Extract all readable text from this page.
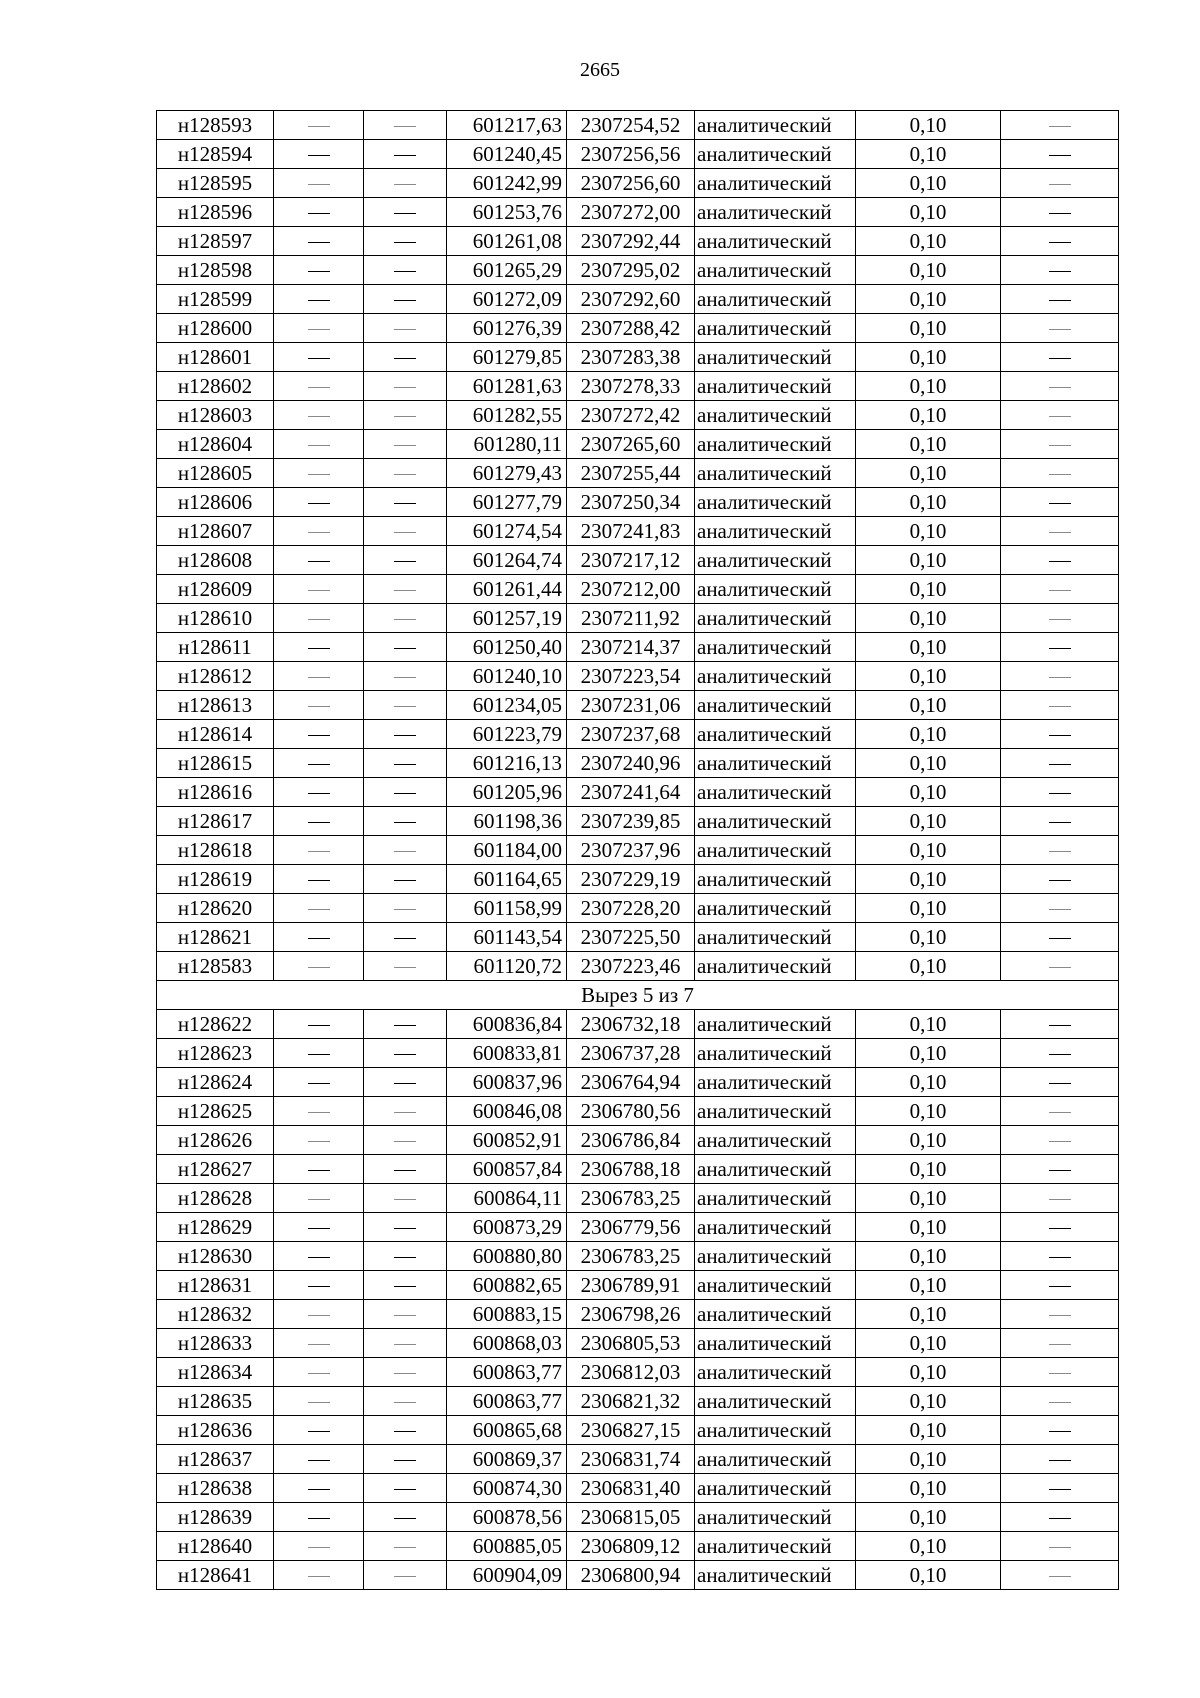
2665
н128593			601217,63	2307254,52	аналитический	0,10	
н128594			601240,45	2307256,56	аналитический	0,10	
н128595			601242,99	2307256,60	аналитический	0,10	
н128596			601253,76	2307272,00	аналитический	0,10	
н128597			601261,08	2307292,44	аналитический	0,10	
н128598			601265,29	2307295,02	аналитический	0,10	
н128599			601272,09	2307292,60	аналитический	0,10	
н128600			601276,39	2307288,42	аналитический	0,10	
н128601			601279,85	2307283,38	аналитический	0,10	
н128602			601281,63	2307278,33	аналитический	0,10	
н128603			601282,55	2307272,42	аналитический	0,10	
н128604			601280,11	2307265,60	аналитический	0,10	
н128605			601279,43	2307255,44	аналитический	0,10	
н128606			601277,79	2307250,34	аналитический	0,10	
н128607			601274,54	2307241,83	аналитический	0,10	
н128608			601264,74	2307217,12	аналитический	0,10	
н128609			601261,44	2307212,00	аналитический	0,10	
н128610			601257,19	2307211,92	аналитический	0,10	
н128611			601250,40	2307214,37	аналитический	0,10	
н128612			601240,10	2307223,54	аналитический	0,10	
н128613			601234,05	2307231,06	аналитический	0,10	
н128614			601223,79	2307237,68	аналитический	0,10	
н128615			601216,13	2307240,96	аналитический	0,10	
н128616			601205,96	2307241,64	аналитический	0,10	
н128617			601198,36	2307239,85	аналитический	0,10	
н128618			601184,00	2307237,96	аналитический	0,10	
н128619			601164,65	2307229,19	аналитический	0,10	
н128620			601158,99	2307228,20	аналитический	0,10	
н128621			601143,54	2307225,50	аналитический	0,10	
н128583			601120,72	2307223,46	аналитический	0,10	
Вырез 5 из 7							
н128622			600836,84	2306732,18	аналитический	0,10	
н128623			600833,81	2306737,28	аналитический	0,10	
н128624			600837,96	2306764,94	аналитический	0,10	
н128625			600846,08	2306780,56	аналитический	0,10	
н128626			600852,91	2306786,84	аналитический	0,10	
н128627			600857,84	2306788,18	аналитический	0,10	
н128628			600864,11	2306783,25	аналитический	0,10	
н128629			600873,29	2306779,56	аналитический	0,10	
н128630			600880,80	2306783,25	аналитический	0,10	
н128631			600882,65	2306789,91	аналитический	0,10	
н128632			600883,15	2306798,26	аналитический	0,10	
н128633			600868,03	2306805,53	аналитический	0,10	
н128634			600863,77	2306812,03	аналитический	0,10	
н128635			600863,77	2306821,32	аналитический	0,10	
н128636			600865,68	2306827,15	аналитический	0,10	
н128637			600869,37	2306831,74	аналитический	0,10	
н128638			600874,30	2306831,40	аналитический	0,10	
н128639			600878,56	2306815,05	аналитический	0,10	
н128640			600885,05	2306809,12	аналитический	0,10	
н128641			600904,09	2306800,94	аналитический	0,10	
